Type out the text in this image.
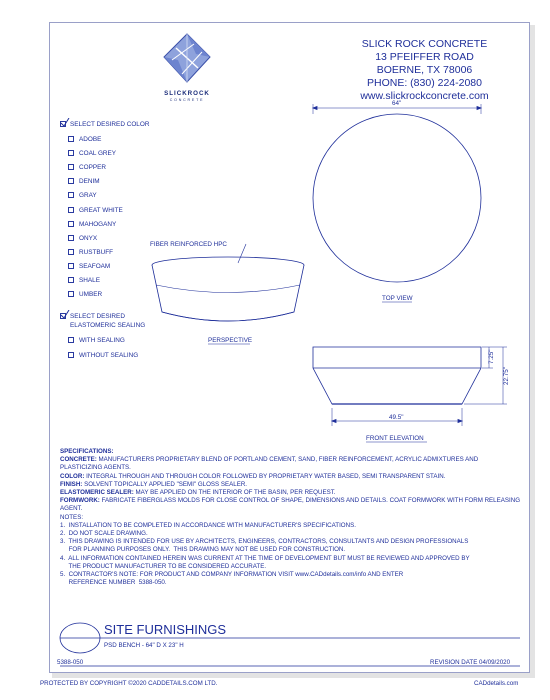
SLICKROCK
CONCRETE
SLICK ROCK CONCRETE
13 PFEIFFER ROAD
BOERNE, TX 78006
PHONE: (830) 224-2080
www.slickrockconcrete.com
SELECT DESIRED COLOR
ADOBE
COAL GREY
COPPER
DENIM
GRAY
GREAT WHITE
MAHOGANY
ONYX
RUSTBUFF
SEAFOAM
SHALE
UMBER
SELECT DESIRED
ELASTOMERIC SEALING
WITH SEALING
WITHOUT SEALING
FIBER REINFORCED HPC
PERSPECTIVE
64"
TOP VIEW
7.25"
22.75"
49.5"
FRONT ELEVATION

SPECIFICATIONS:

CONCRETE: MANUFACTURERS PROPRIETARY BLEND OF PORTLAND CEMENT, SAND, FIBER REINFORCEMENT, ACRYLIC ADMIXTURES AND PLASTICIZING AGENTS.

COLOR: INTEGRAL THROUGH AND THROUGH COLOR FOLLOWED BY PROPRIETARY WATER BASED, SEMI TRANSPARENT STAIN.

FINISH: SOLVENT TOPICALLY APPLIED "SEMI" GLOSS SEALER.

ELASTOMERIC SEALER: MAY BE APPLIED ON THE INTERIOR OF THE BASIN, PER REQUEST.

FORMWORK: FABRICATE FIBERGLASS MOLDS FOR CLOSE CONTROL OF SHAPE, DIMENSIONS AND DETAILS. COAT FORMWORK WITH FORM RELEASING AGENT.

NOTES:

1.  INSTALLATION TO BE COMPLETED IN ACCORDANCE WITH MANUFACTURER'S SPECIFICATIONS.

2.  DO NOT SCALE DRAWING.

3.  THIS DRAWING IS INTENDED FOR USE BY ARCHITECTS, ENGINEERS, CONTRACTORS, CONSULTANTS AND DESIGN PROFESSIONALS

FOR PLANNING PURPOSES ONLY.  THIS DRAWING MAY NOT BE USED FOR CONSTRUCTION.

4.  ALL INFORMATION CONTAINED HEREIN WAS CURRENT AT THE TIME OF DEVELOPMENT BUT MUST BE REVIEWED AND APPROVED BY

THE PRODUCT MANUFACTURER TO BE CONSIDERED ACCURATE.

5.  CONTRACTOR'S NOTE: FOR PRODUCT AND COMPANY INFORMATION VISIT www.CADdetails.com/info AND ENTER

REFERENCE NUMBER  5388-050.

SITE FURNISHINGS
PSD BENCH - 64" D X 23" H
5388-050	REVISION DATE 04/09/2020
PROTECTED BY COPYRIGHT ©2020 CADDETAILS.COM LTD.	CADdetails.com
